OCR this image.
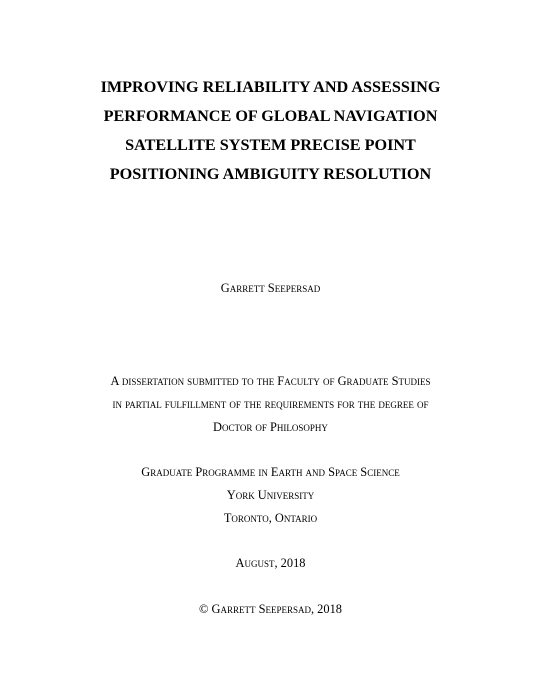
IMPROVING RELIABILITY AND ASSESSING
PERFORMANCE OF GLOBAL NAVIGATION
SATELLITE SYSTEM PRECISE POINT
POSITIONING AMBIGUITY RESOLUTION
Garrett Seepersad
A dissertation submitted to the Faculty of Graduate Studies
in partial fulfillment of the requirements for the degree of
Doctor of Philosophy
Graduate Programme in Earth and Space Science
York University
Toronto, Ontario
August, 2018
© Garrett Seepersad, 2018
